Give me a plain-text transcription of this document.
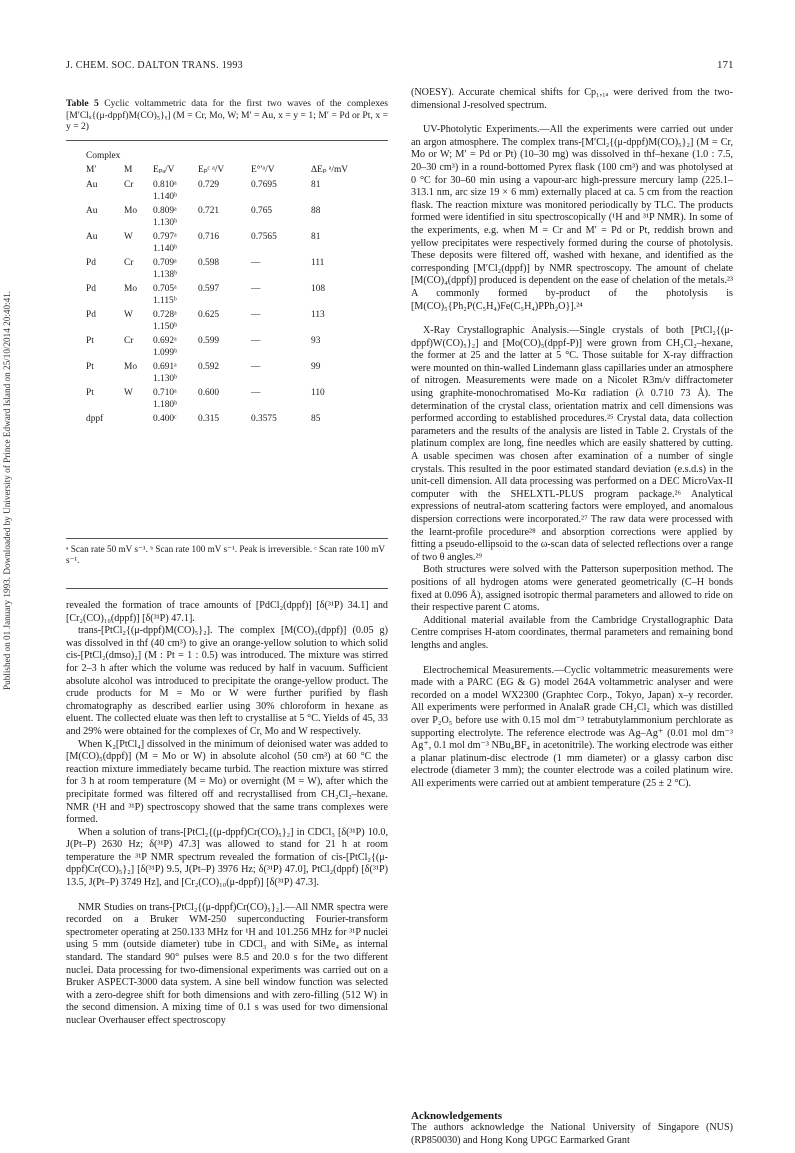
Published on 01 January 1993. Downloaded by University of Prince Edward Island on 25/10/2014 20:40:41.
J. CHEM. SOC. DALTON TRANS. 1993	171
Table 5 Cyclic voltammetric data for the first two waves of the complexes [M′Clₓ{(μ-dppf)M(CO)₅}ᵧ] (M = Cr, Mo, W; M′ = Au, x = y = 1; M′ = Pd or Pt, x = y = 2)
Complex
M′	M	Eₚₐ/V	Eₚᶜ ᵃ/V	E°′ᵃ/V	ΔEₚ ᵃ/mV
Au	Cr	0.810ᵃ	0.729	0.7695	81
		1.140ᵇ			
Au	Mo	0.809ᵃ	0.721	0.765	88
		1.130ᵇ			
Au	W	0.797ᵃ	0.716	0.7565	81
		1.140ᵇ			
Pd	Cr	0.709ᵃ	0.598	—	111
		1.138ᵇ			
Pd	Mo	0.705ᵃ	0.597	—	108
		1.115ᵇ			
Pd	W	0.728ᵃ	0.625	—	113
		1.150ᵇ			
Pt	Cr	0.692ᵃ	0.599	—	93
		1.099ᵇ			
Pt	Mo	0.691ᵃ	0.592	—	99
		1.130ᵇ			
Pt	W	0.710ᵃ	0.600	—	110
		1.180ᵇ			
dppf		0.400ᶜ	0.315	0.3575	85
ᵃ Scan rate 50 mV s⁻¹. ᵇ Scan rate 100 mV s⁻¹. Peak is irreversible. ᶜ Scan rate 100 mV s⁻¹.

revealed the formation of trace amounts of [PdCl₂(dppf)] [δ(³¹P) 34.1] and [Cr₂(CO)₁₀(dppf)] [δ(³¹P) 47.1].

trans-[PtCl₂{(μ-dppf)M(CO)₅}₂]. The complex [M(CO)₅(dppf)] (0.05 g) was dissolved in thf (40 cm³) to give an orange-yellow solution to which solid cis-[PtCl₂(dmso)₂] (M : Pt = 1 : 0.5) was introduced. The mixture was stirred for 2–3 h after which the volume was reduced by half in vacuum. Sufficient absolute alcohol was introduced to precipitate the orange-yellow product. The crude products for M = Mo or W were further purified by flash chromatography as described earlier using 30% chloroform in hexane as eluent. The collected eluate was then left to crystallise at 5 °C. Yields of 45, 33 and 29% were obtained for the complexes of Cr, Mo and W respectively.

When K₂[PtCl₄] dissolved in the minimum of deionised water was added to [M(CO)₅(dppf)] (M = Mo or W) in absolute alcohol (50 cm³) at 60 °C the reaction mixture immediately became turbid. The reaction mixture was stirred for 3 h at room temperature (M = Mo) or overnight (M = W), after which the precipitate formed was filtered off and recrystallised from CH₂Cl₂–hexane. NMR (¹H and ³¹P) spectroscopy showed that the same trans complexes were formed.

When a solution of trans-[PtCl₂{(μ-dppf)Cr(CO)₅}₂] in CDCl₃ [δ(³¹P) 10.0, J(Pt–P) 2630 Hz; δ(³¹P) 47.3] was allowed to stand for 21 h at room temperature the ³¹P NMR spectrum revealed the formation of cis-[PtCl₂{(μ-dppf)Cr(CO)₅}₂] [δ(³¹P) 9.5, J(Pt–P) 3976 Hz; δ(³¹P) 47.0], PtCl₂(dppf) [δ(³¹P) 13.5, J(Pt–P) 3749 Hz], and [Cr₂(CO)₁₀(μ-dppf)] [δ(³¹P) 47.3].

NMR Studies on trans-[PtCl₂{(μ-dppf)Cr(CO)₅}₂].—All NMR spectra were recorded on a Bruker WM-250 superconducting Fourier-transform spectrometer operating at 250.133 MHz for ¹H and 101.256 MHz for ³¹P nuclei using 5 mm (outside diameter) tube in CDCl₃ and with SiMe₄ as internal standard. The standard 90° pulses were 8.5 and 20.0 s for the two different nuclei. Data processing for two-dimensional experiments was carried out on a Bruker ASPECT-3000 data system. A sine bell window function was selected with a zero-degree shift for both dimensions and with zero-filling (512 W) in the second dimension. A mixing time of 0.1 s was used for two dimensional nuclear Overhauser effect spectroscopy

(NOESY). Accurate chemical shifts for Cp₁,₁ₐ were derived from the two-dimensional J-resolved spectrum.

UV-Photolytic Experiments.—All the experiments were carried out under an argon atmosphere. The complex trans-[M′Cl₂{(μ-dppf)M(CO)₅}₂] (M = Cr, Mo or W; M′ = Pd or Pt) (10–30 mg) was dissolved in thf–hexane (1.0 : 7.5, 20–30 cm³) in a round-bottomed Pyrex flask (100 cm³) and was photolysed at 0 °C for 30–60 min using a vapour-arc high-pressure mercury lamp (225.1–313.1 nm, arc size 19 × 6 mm) externally placed at ca. 5 cm from the reaction flask. The reaction mixture was monitored periodically by TLC. The products formed were identified in situ spectroscopically (¹H and ³¹P NMR). In some of the experiments, e.g. when M = Cr and M′ = Pd or Pt, reddish brown and yellow precipitates were respectively formed during the course of photolysis. These deposits were filtered off, washed with hexane, and identified as the corresponding [M′Cl₂(dppf)] by NMR spectroscopy. The amount of chelate [M(CO)₄(dppf)] produced is dependent on the ease of chelation of the metals.²³ A commonly formed by-product of the photolysis is [M(CO)₅{Ph₂P(C₅H₄)Fe(C₅H₄)PPh₂O}].²⁴

X-Ray Crystallographic Analysis.—Single crystals of both [PtCl₂{(μ-dppf)W(CO)₅}₂] and [Mo(CO)₅(dppf-P)] were grown from CH₂Cl₂–hexane, the former at 25 and the latter at 5 °C. Those suitable for X-ray diffraction were mounted on thin-walled Lindemann glass capillaries under an atmosphere of nitrogen. Measurements were made on a Nicolet R3m/v diffractometer using graphite-monochromatised Mo-Kα radiation (λ 0.710 73 Å). The determination of the crystal class, orientation matrix and cell dimensions was performed according to established procedures.²⁵ Crystal data, data collection parameters and the results of the analysis are listed in Table 2. Crystals of the platinum complex are long, fine needles which are easily shattered by cutting. A usable specimen was chosen after examination of a number of single crystals. This resulted in the poor estimated standard deviation (e.s.d.s) in the unit-cell dimension. All data processing was performed on a DEC MicroVax-II computer with the SHELXTL-PLUS program package.²⁶ Analytical expressions of neutral-atom scattering factors were employed, and anomalous dispersion corrections were incorporated.²⁷ The raw data were processed with the learnt-profile procedure²⁸ and absorption corrections were applied by fitting a pseudo-ellipsoid to the ω-scan data of selected reflections over a range of two θ angles.²⁹

Both structures were solved with the Patterson superposition method. The positions of all hydrogen atoms were generated geometrically (C–H bonds fixed at 0.096 Å), assigned isotropic thermal parameters and allowed to ride on their respective parent C atoms.

Additional material available from the Cambridge Crystallographic Data Centre comprises H-atom coordinates, thermal parameters and remaining bond lengths and angles.

Electrochemical Measurements.—Cyclic voltammetric measurements were made with a PARC (EG & G) model 264A voltammetric analyser and were recorded on a model WX2300 (Graphtec Corp., Tokyo, Japan) x–y recorder. All experiments were performed in AnalaR grade CH₂Cl₂ which was distilled over P₂O₅ before use with 0.15 mol dm⁻³ tetrabutylammonium perchlorate as supporting electrolyte. The reference electrode was Ag–Ag⁺ (0.01 mol dm⁻³ Ag⁺, 0.1 mol dm⁻³ NBu₄BF₄ in acetonitrile). The working electrode was either a planar platinum-disc electrode (1 mm diameter) or a glassy carbon disc electrode (diameter 3 mm); the counter electrode was a coiled platinum wire. All experiments were carried out at ambient temperature (25 ± 2 °C).

Acknowledgements
The authors acknowledge the National University of Singapore (NUS) (RP850030) and Hong Kong UPGC Earmarked Grant
